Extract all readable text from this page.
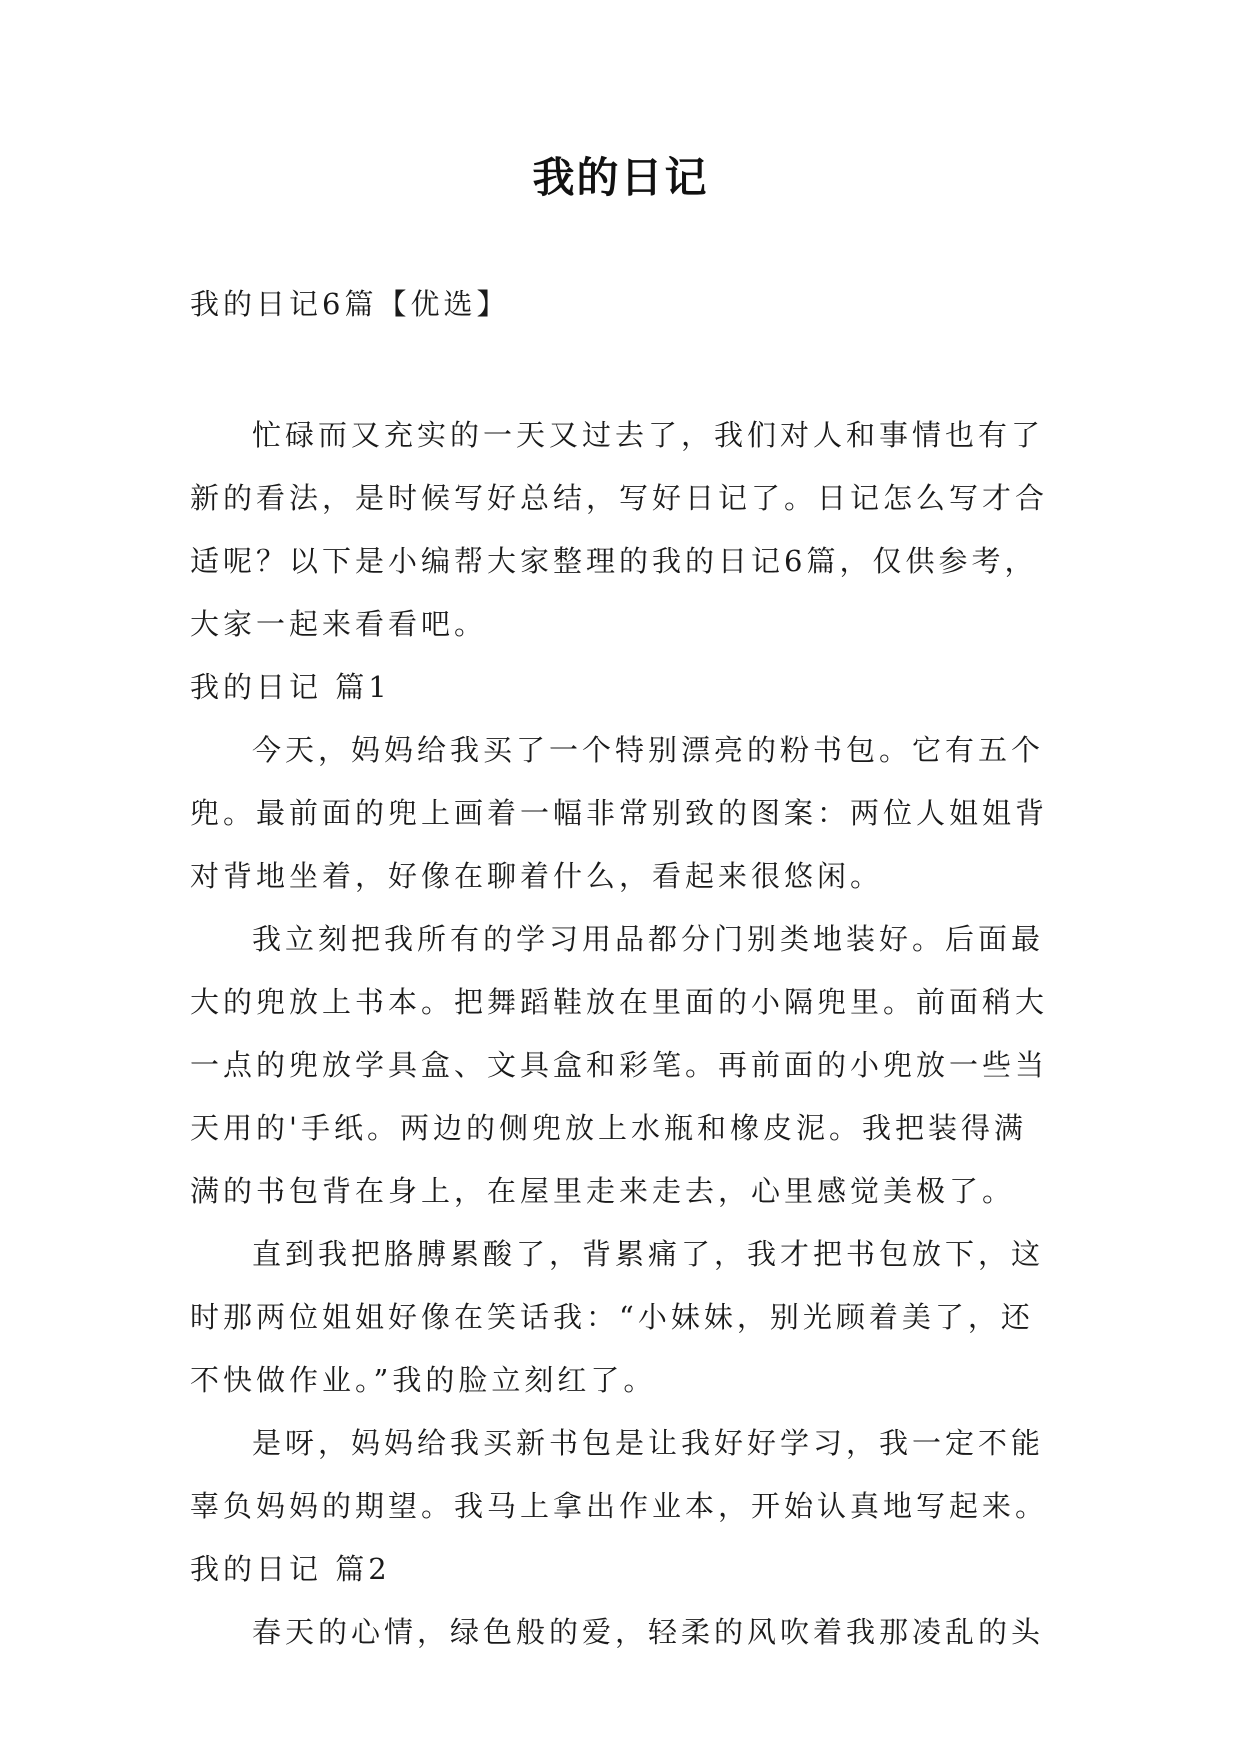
我的日记
我的日记6篇【优选】
忙碌而又充实的一天又过去了，我们对人和事情也有了
新的看法，是时候写好总结，写好日记了。日记怎么写才合
适呢？以下是小编帮大家整理的我的日记6篇，仅供参考，
大家一起来看看吧。
我的日记 篇1
今天，妈妈给我买了一个特别漂亮的粉书包。它有五个
兜。最前面的兜上画着一幅非常别致的图案：两位人姐姐背
对背地坐着，好像在聊着什么，看起来很悠闲。
我立刻把我所有的学习用品都分门别类地装好。后面最
大的兜放上书本。把舞蹈鞋放在里面的小隔兜里。前面稍大
一点的兜放学具盒、文具盒和彩笔。再前面的小兜放一些当
天用的'手纸。两边的侧兜放上水瓶和橡皮泥。我把装得满
满的书包背在身上，在屋里走来走去，心里感觉美极了。
直到我把胳膊累酸了，背累痛了，我才把书包放下，这
时那两位姐姐好像在笑话我：“小妹妹，别光顾着美了，还
不快做作业。”我的脸立刻红了。
是呀，妈妈给我买新书包是让我好好学习，我一定不能
辜负妈妈的期望。我马上拿出作业本，开始认真地写起来。
我的日记 篇2
春天的心情，绿色般的爱，轻柔的风吹着我那凌乱的头
